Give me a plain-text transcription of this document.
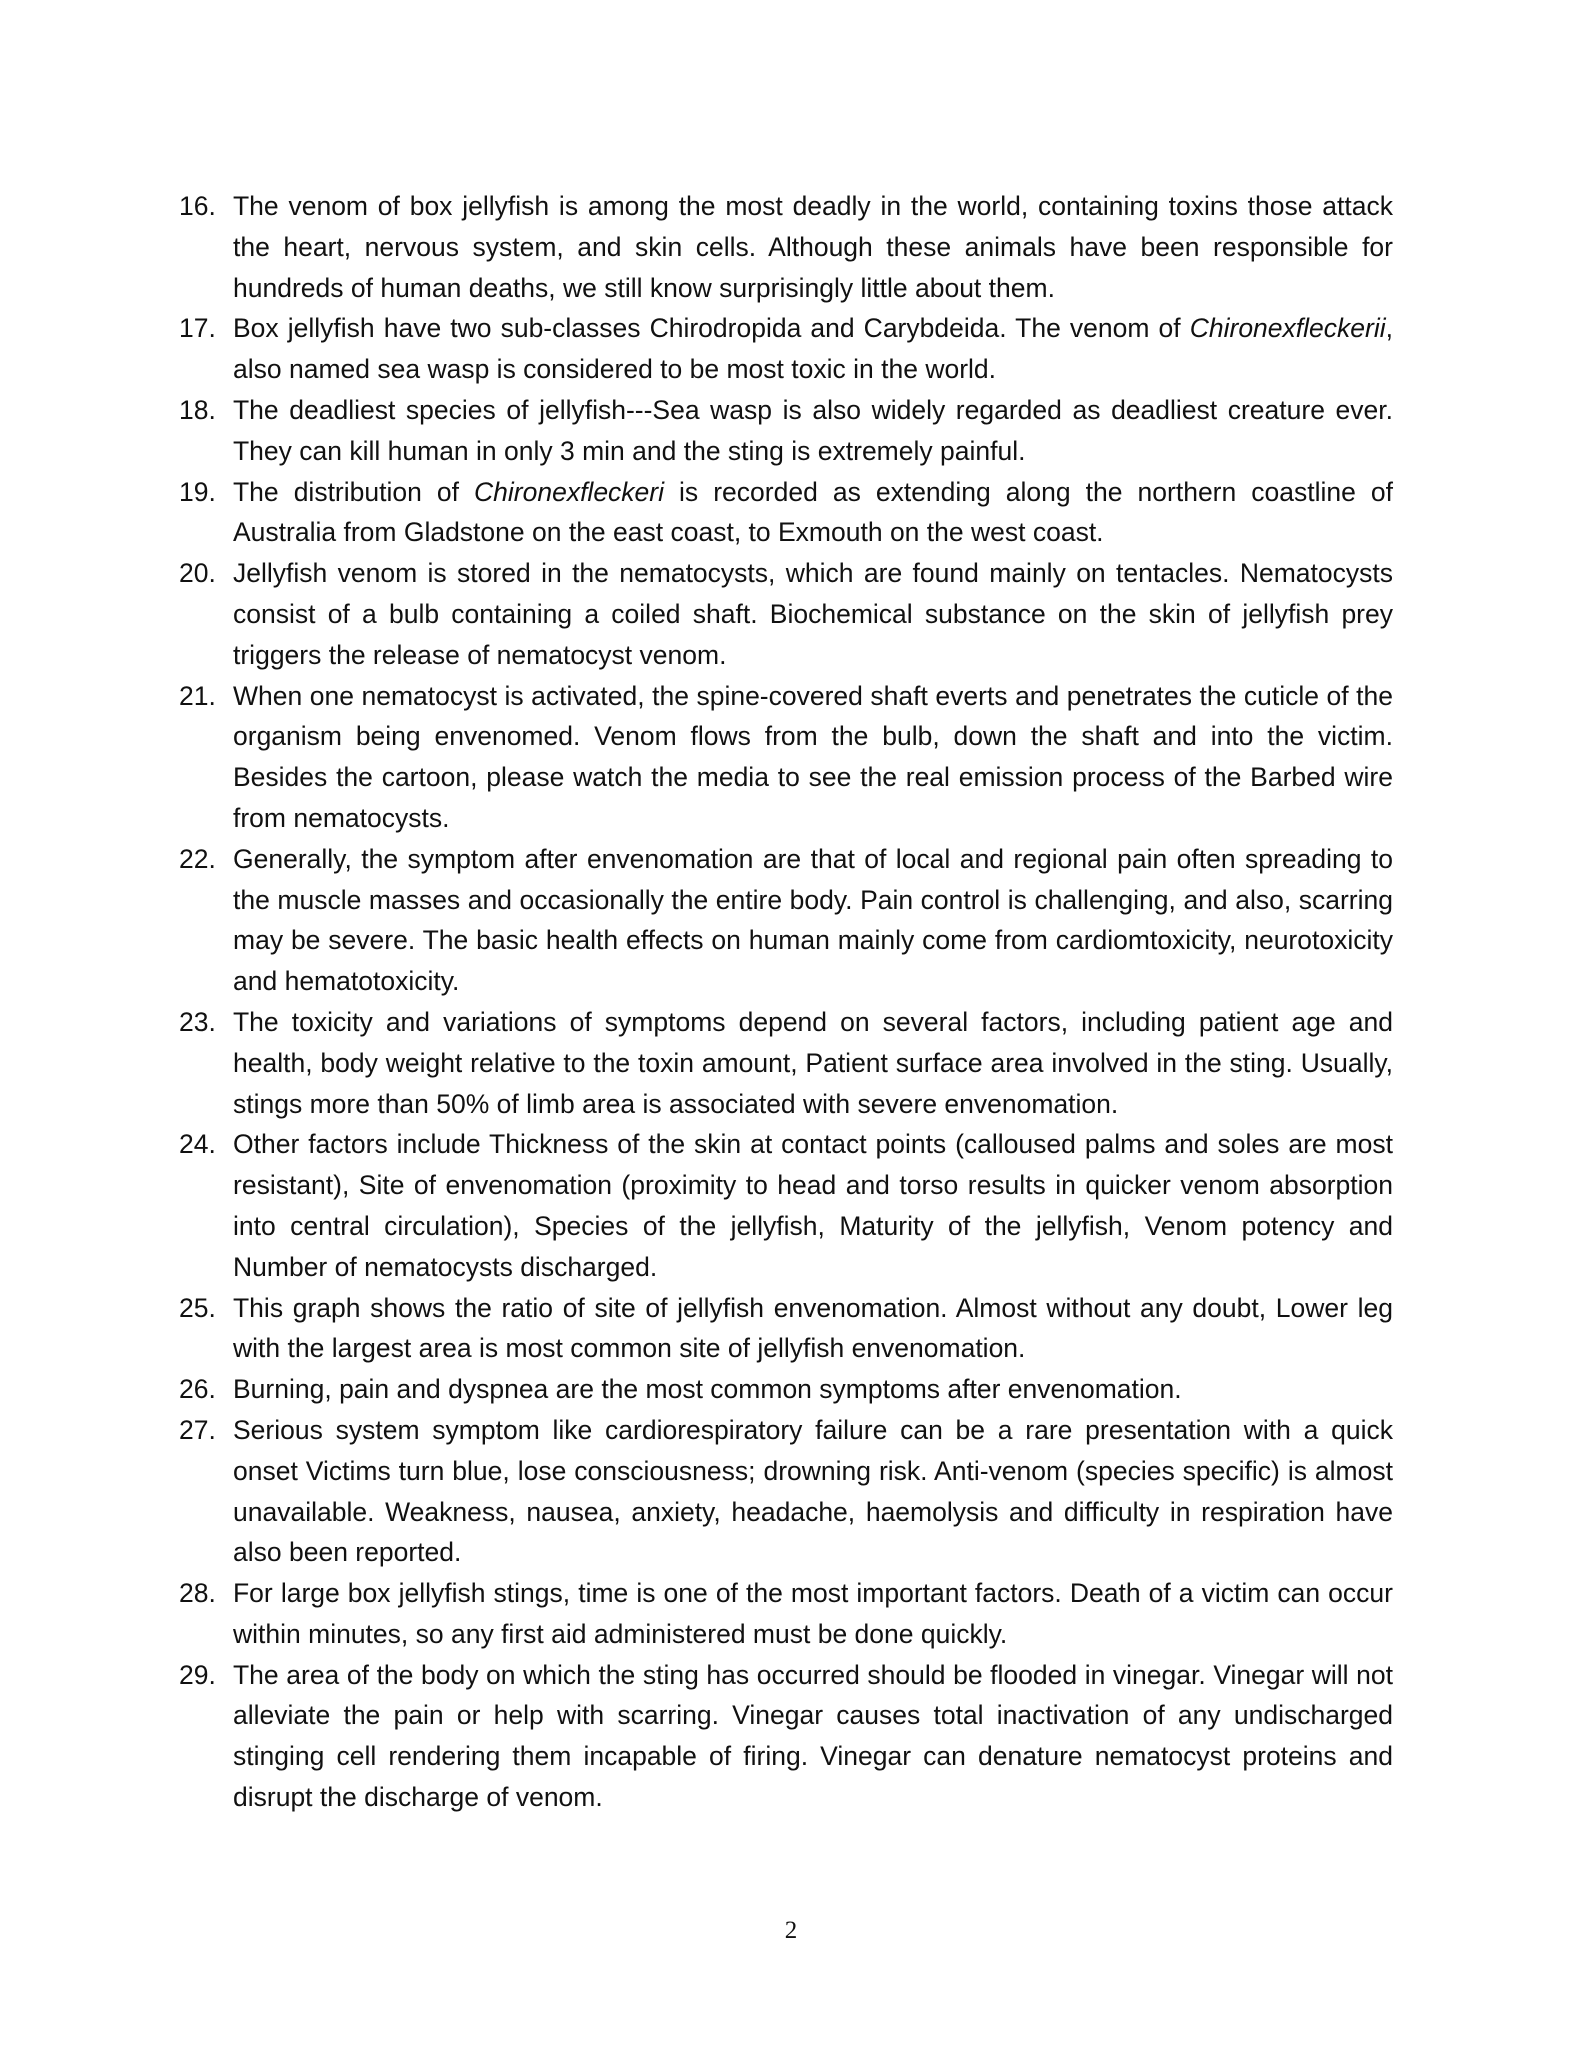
16. The venom of box jellyfish is among the most deadly in the world, containing toxins those attack the heart, nervous system, and skin cells. Although these animals have been responsible for hundreds of human deaths, we still know surprisingly little about them.
17. Box jellyfish have two sub-classes Chirodropida and Carybdeida. The venom of Chironexfleckerii, also named sea wasp is considered to be most toxic in the world.
18. The deadliest species of jellyfish---Sea wasp is also widely regarded as deadliest creature ever. They can kill human in only 3 min and the sting is extremely painful.
19. The distribution of Chironexfleckeri is recorded as extending along the northern coastline of Australia from Gladstone on the east coast, to Exmouth on the west coast.
20. Jellyfish venom is stored in the nematocysts, which are found mainly on tentacles. Nematocysts consist of a bulb containing a coiled shaft. Biochemical substance on the skin of jellyfish prey triggers the release of nematocyst venom.
21. When one nematocyst is activated, the spine-covered shaft everts and penetrates the cuticle of the organism being envenomed. Venom flows from the bulb, down the shaft and into the victim. Besides the cartoon, please watch the media to see the real emission process of the Barbed wire from nematocysts.
22. Generally, the symptom after envenomation are that of local and regional pain often spreading to the muscle masses and occasionally the entire body. Pain control is challenging, and also, scarring may be severe. The basic health effects on human mainly come from cardiomtoxicity, neurotoxicity and hematotoxicity.
23. The toxicity and variations of symptoms depend on several factors, including patient age and health, body weight relative to the toxin amount, Patient surface area involved in the sting. Usually, stings more than 50% of limb area is associated with severe envenomation.
24. Other factors include Thickness of the skin at contact points (calloused palms and soles are most resistant), Site of envenomation (proximity to head and torso results in quicker venom absorption into central circulation), Species of the jellyfish, Maturity of the jellyfish, Venom potency and Number of nematocysts discharged.
25. This graph shows the ratio of site of jellyfish envenomation. Almost without any doubt, Lower leg with the largest area is most common site of jellyfish envenomation.
26. Burning, pain and dyspnea are the most common symptoms after envenomation.
27. Serious system symptom like cardiorespiratory failure can be a rare presentation with a quick onset Victims turn blue, lose consciousness; drowning risk. Anti-venom (species specific) is almost unavailable. Weakness, nausea, anxiety, headache, haemolysis and difficulty in respiration have also been reported.
28. For large box jellyfish stings, time is one of the most important factors. Death of a victim can occur within minutes, so any first aid administered must be done quickly.
29. The area of the body on which the sting has occurred should be flooded in vinegar. Vinegar will not alleviate the pain or help with scarring. Vinegar causes total inactivation of any undischarged stinging cell rendering them incapable of firing. Vinegar can denature nematocyst proteins and disrupt the discharge of venom.
2
